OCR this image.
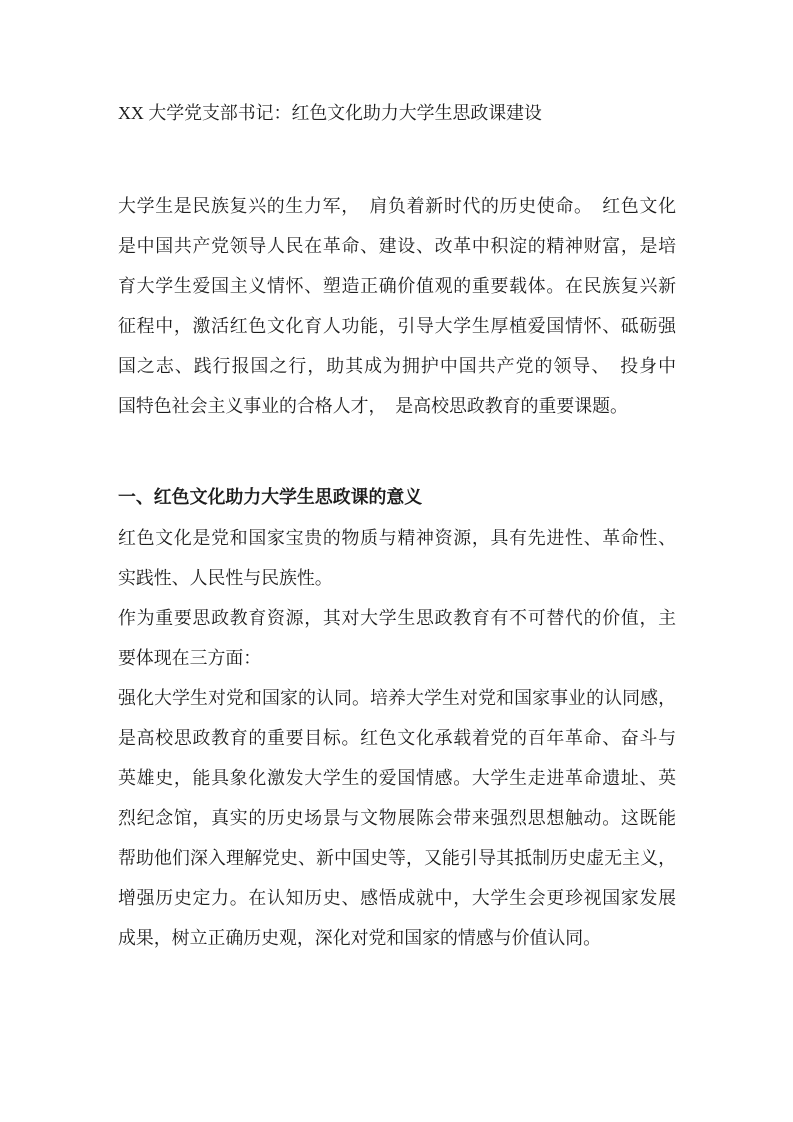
XX 大学党支部书记：红色文化助力大学生思政课建设
大学生是民族复兴的生力军，　肩负着新时代的历史使命。　红色文化
是中国共产党领导人民在革命、建设、改革中积淀的精神财富，是培
育大学生爱国主义情怀、塑造正确价值观的重要载体。在民族复兴新
征程中，激活红色文化育人功能，引导大学生厚植爱国情怀、砥砺强
国之志、践行报国之行，助其成为拥护中国共产党的领导、　投身中
国特色社会主义事业的合格人才，　是高校思政教育的重要课题。
一、红色文化助力大学生思政课的意义
红色文化是党和国家宝贵的物质与精神资源，具有先进性、革命性、
实践性、人民性与民族性。
作为重要思政教育资源，其对大学生思政教育有不可替代的价值，主
要体现在三方面：
强化大学生对党和国家的认同。培养大学生对党和国家事业的认同感，
是高校思政教育的重要目标。红色文化承载着党的百年革命、奋斗与
英雄史，能具象化激发大学生的爱国情感。大学生走进革命遗址、英
烈纪念馆，真实的历史场景与文物展陈会带来强烈思想触动。这既能
帮助他们深入理解党史、新中国史等，又能引导其抵制历史虚无主义，
增强历史定力。在认知历史、感悟成就中，大学生会更珍视国家发展
成果，树立正确历史观，深化对党和国家的情感与价值认同。
